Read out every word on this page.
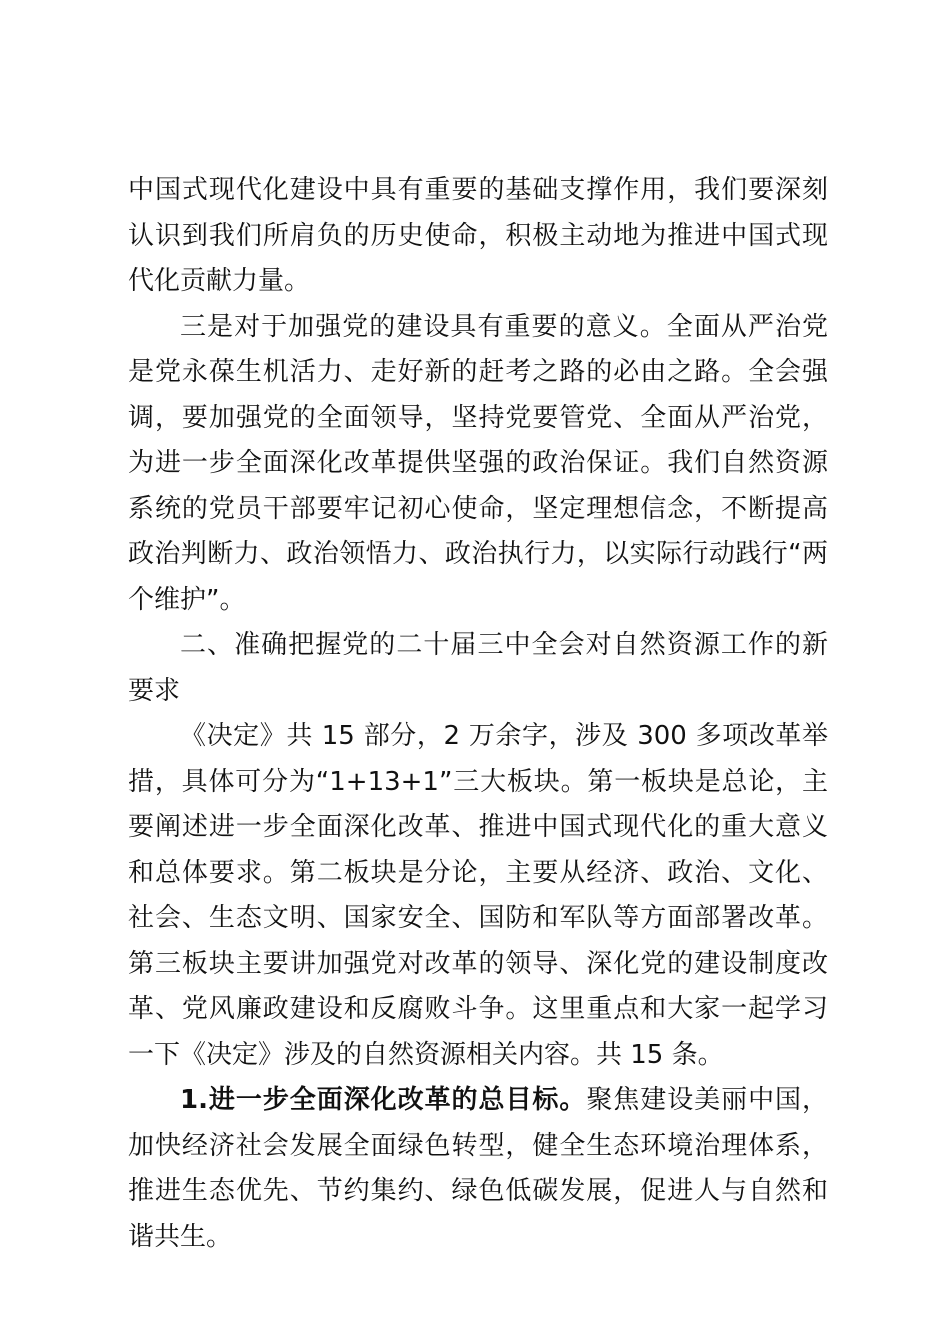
中国式现代化建设中具有重要的基础支撑作用，我们要深刻认识到我们所肩负的历史使命，积极主动地为推进中国式现代化贡献力量。

三是对于加强党的建设具有重要的意义。全面从严治党是党永葆生机活力、走好新的赶考之路的必由之路。全会强调，要加强党的全面领导，坚持党要管党、全面从严治党，为进一步全面深化改革提供坚强的政治保证。我们自然资源系统的党员干部要牢记初心使命，坚定理想信念，不断提高政治判断力、政治领悟力、政治执行力，以实际行动践行“两个维护”。

二、准确把握党的二十届三中全会对自然资源工作的新要求

《决定》共 15 部分，2 万余字，涉及 300 多项改革举措，具体可分为“1+13+1”三大板块。第一板块是总论，主要阐述进一步全面深化改革、推进中国式现代化的重大意义和总体要求。第二板块是分论，主要从经济、政治、文化、社会、生态文明、国家安全、国防和军队等方面部署改革。第三板块主要讲加强党对改革的领导、深化党的建设制度改革、党风廉政建设和反腐败斗争。这里重点和大家一起学习一下《决定》涉及的自然资源相关内容。共 15 条。

1.进一步全面深化改革的总目标。聚焦建设美丽中国，加快经济社会发展全面绿色转型，健全生态环境治理体系，推进生态优先、节约集约、绿色低碳发展，促进人与自然和谐共生。
